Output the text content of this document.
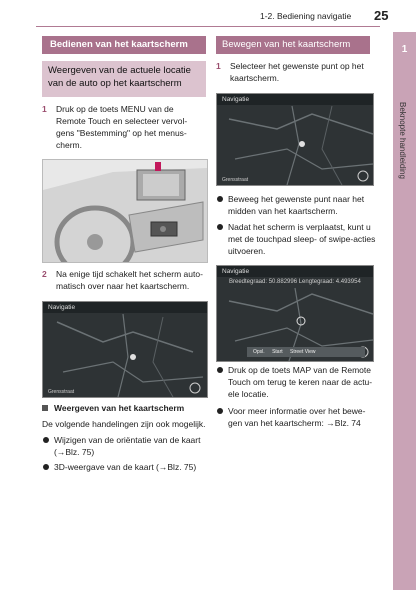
1-2. Bediening navigatie 25
1
Beknopte handleiding
Bedienen van het kaartscherm
Weergeven van de actuele locatie
van de auto op het kaartscherm
1 Druk op de toets MENU van de
Remote Touch en selecteer vervol-
gens "Bestemming" op het menus-
cherm.
2 Na enige tijd schakelt het scherm auto-
matisch over naar het kaartscherm.
Navigatie
Grensstraat
Weergeven van het kaartscherm
De volgende handelingen zijn ook mogelijk.
Wijzigen van de oriëntatie van de kaart
(→Blz. 75)
3D-weergave van de kaart (→Blz. 75)
Bewegen van het kaartscherm
1 Selecteer het gewenste punt op het
kaartscherm.
Navigatie
Grensstraat
Beweeg het gewenste punt naar het
midden van het kaartscherm.
Nadat het scherm is verplaatst, kunt u
met de touchpad sleep- of swipe-acties
uitvoeren.
Navigatie
Breedtegraad: 50.882996 Lengtegraad: 4.493954
Opsl. Start Street View
Druk op de toets MAP van de Remote
Touch om terug te keren naar de actu-
ele locatie.
Voor meer informatie over het bewe-
gen van het kaartscherm: →Blz. 74
